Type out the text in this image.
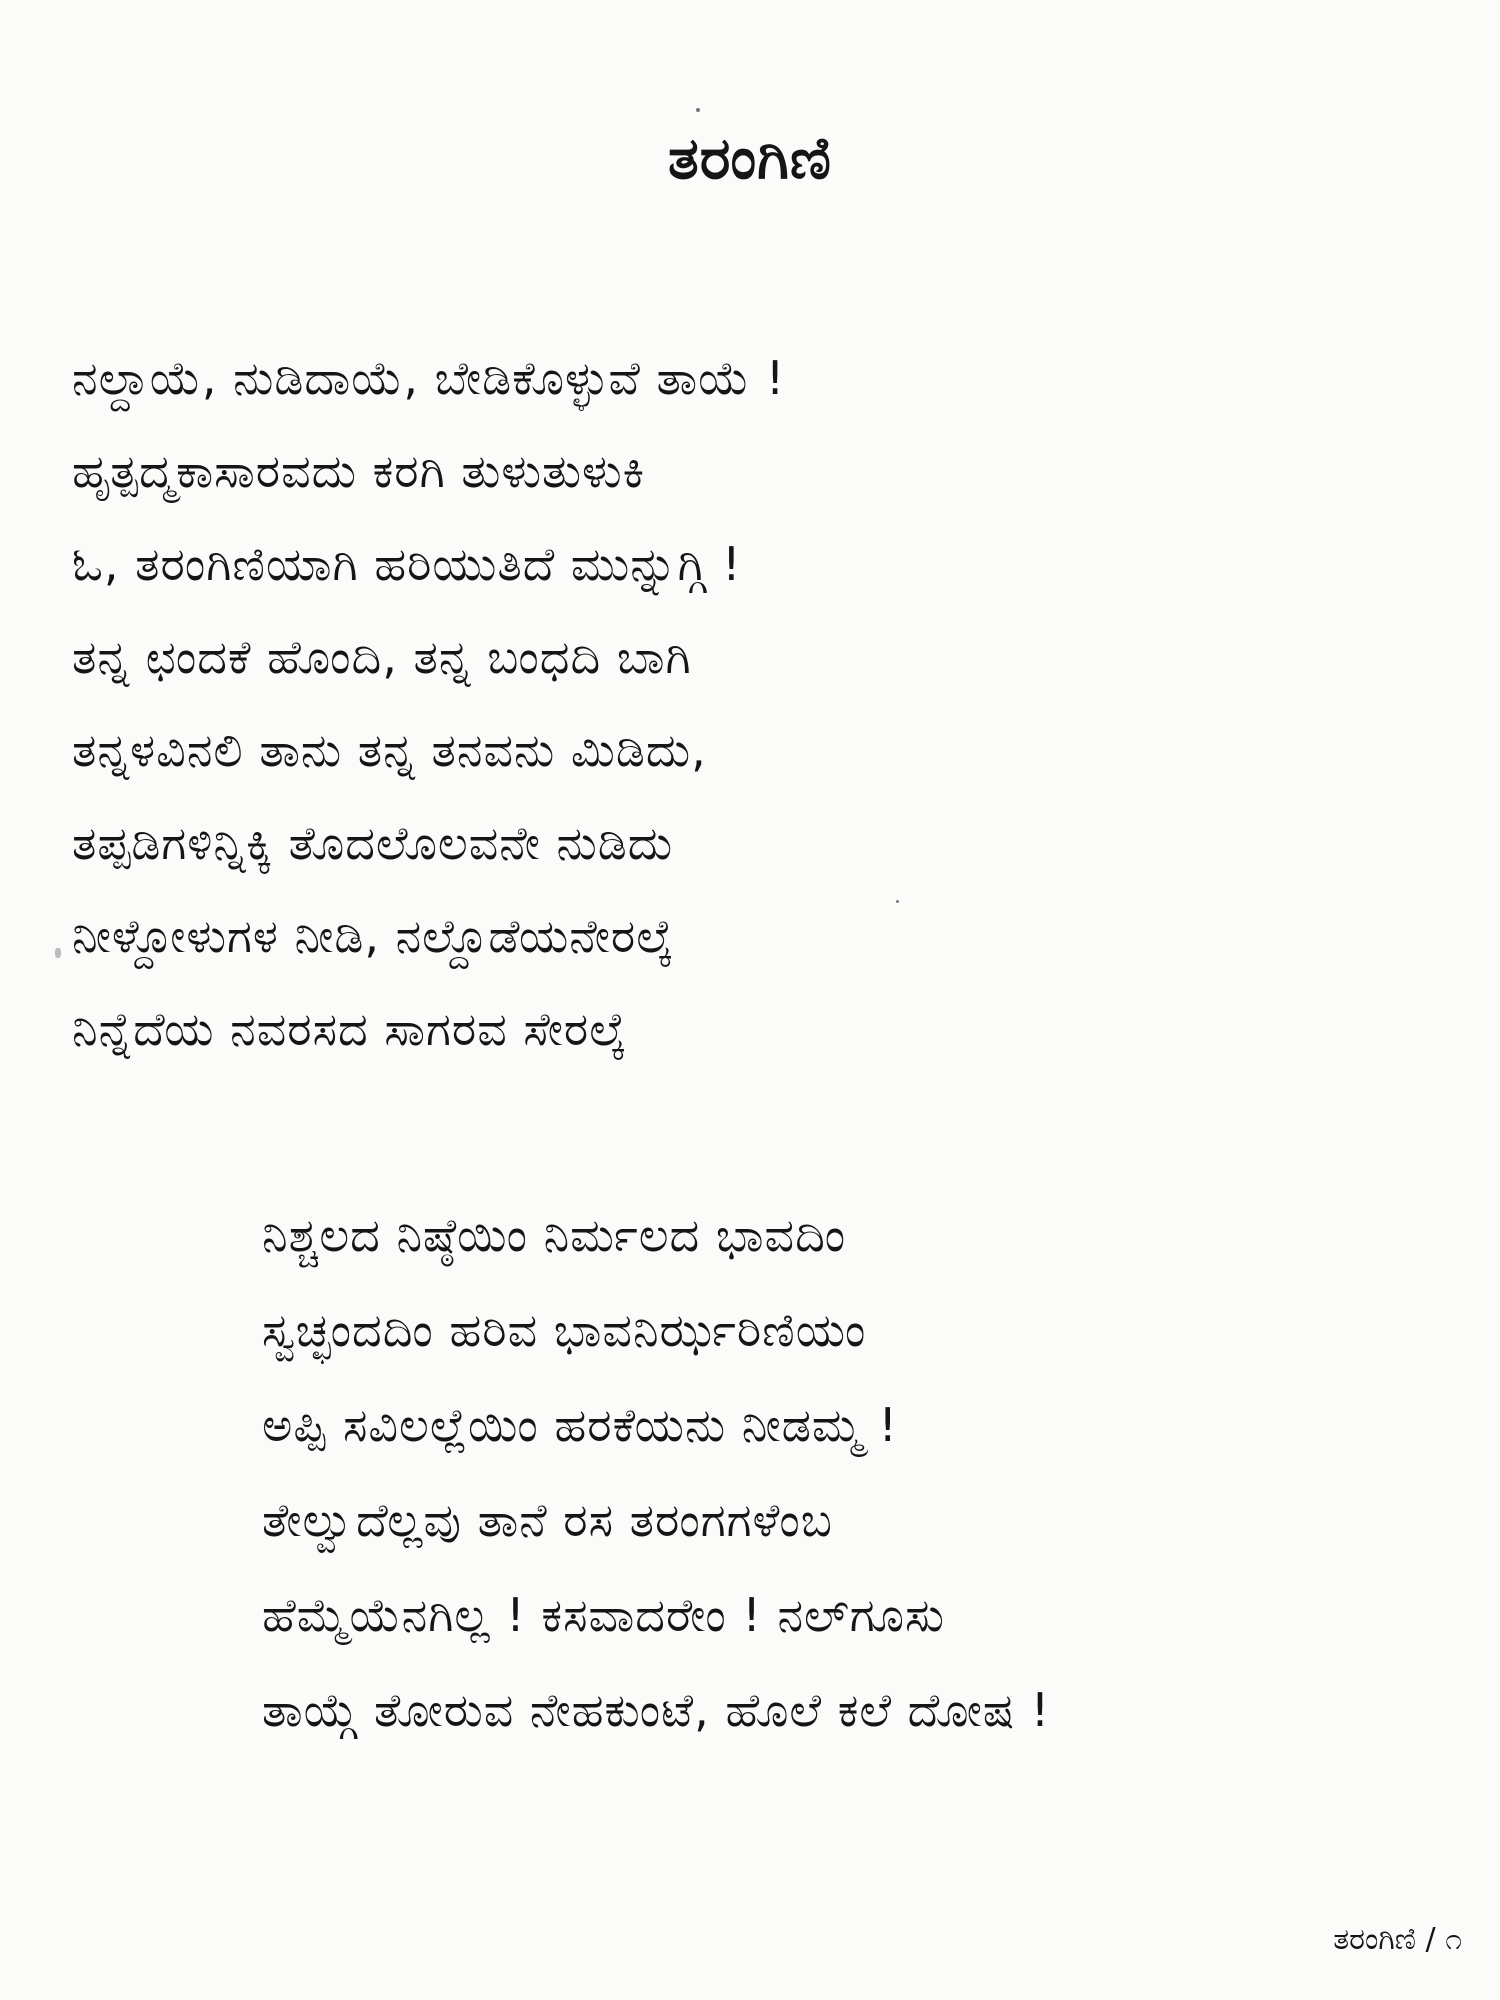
ತರಂಗಿಣಿ
ನಲ್ದಾಯೆ, ನುಡಿದಾಯೆ, ಬೇಡಿಕೊಳ್ಳುವೆ ತಾಯೆ !
ಹೃತ್ಪದ್ಮಕಾಸಾರವದು ಕರಗಿ ತುಳುತುಳುಕಿ
ಓ, ತರಂಗಿಣಿಯಾಗಿ ಹರಿಯುತಿದೆ ಮುನ್ನುಗ್ಗಿ !
ತನ್ನ ಛಂದಕೆ ಹೊಂದಿ, ತನ್ನ ಬಂಧದಿ ಬಾಗಿ
ತನ್ನಳವಿನಲಿ ತಾನು ತನ್ನ ತನವನು ಮಿಡಿದು,
ತಪ್ಪಡಿಗಳಿನ್ನಿಕ್ಕಿ ತೊದಲೊಲವನೇ ನುಡಿದು
ನೀಳ್ದೋಳುಗಳ ನೀಡಿ, ನಲ್ದೊಡೆಯನೇರಲ್ಕೆ
ನಿನ್ನೆದೆಯ ನವರಸದ ಸಾಗರವ ಸೇರಲ್ಕೆ
ನಿಶ್ಚಲದ ನಿಷ್ಠೆಯಿಂ ನಿರ್ಮಲದ ಭಾವದಿಂ
ಸ್ವಚ್ಛಂದದಿಂ ಹರಿವ ಭಾವನಿರ್ಝರಿಣಿಯಂ
ಅಪ್ಪಿ ಸವಿಲಲ್ಲೆಯಿಂ ಹರಕೆಯನು ನೀಡಮ್ಮ !
ತೇಲ್ವುದೆಲ್ಲವು ತಾನೆ ರಸ ತರಂಗಗಳೆಂಬ
ಹೆಮ್ಮೆಯೆನಗಿಲ್ಲ ! ಕಸವಾದರೇಂ ! ನಲ್‌ಗೂಸು
ತಾಯ್ಗೆ ತೋರುವ ನೇಹಕುಂಟೆ, ಹೊಲೆ ಕಲೆ ದೋಷ !
ತರಂಗಿಣಿ / ೧
